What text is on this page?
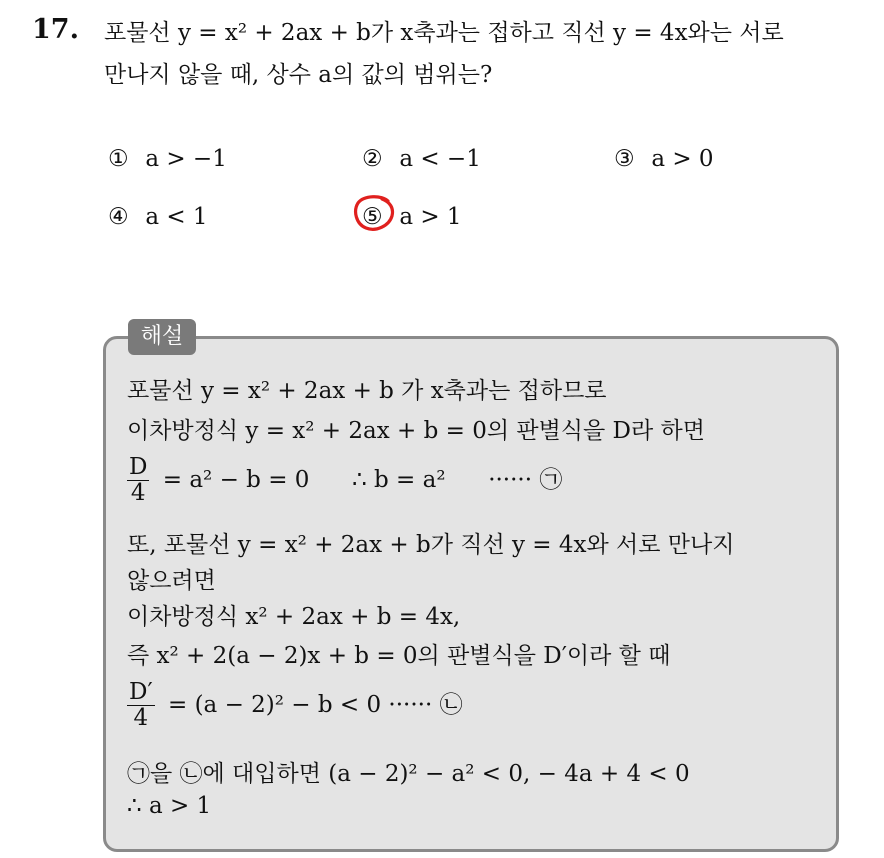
17. 포물선 y = x² + 2ax + b가 x축과는 접하고 직선 y = 4x와는 서로
만나지 않을 때, 상수 a의 값의 범위는?
① a > −1	② a < −1	③ a > 0
④ a < 1	⑤ a > 1
해설
포물선 y = x² + 2ax + b 가 x축과는 접하므로
이차방정식 y = x² + 2ax + b = 0의 판별식을 D라 하면
$\frac{D}{4} = a^2 - b = 0$ ∴ b = a² ······ ㉠
또, 포물선 y = x² + 2ax + b가 직선 y = 4x와 서로 만나지
않으려면
이차방정식 x² + 2ax + b = 4x,
즉 x² + 2(a − 2)x + b = 0의 판별식을 D′이라 할 때
$\frac{D'}{4} = (a - 2)^2 - b < 0$ ······ ㉡
㉠을 ㉡에 대입하면 (a − 2)² − a² < 0, − 4a + 4 < 0
∴ a > 1
